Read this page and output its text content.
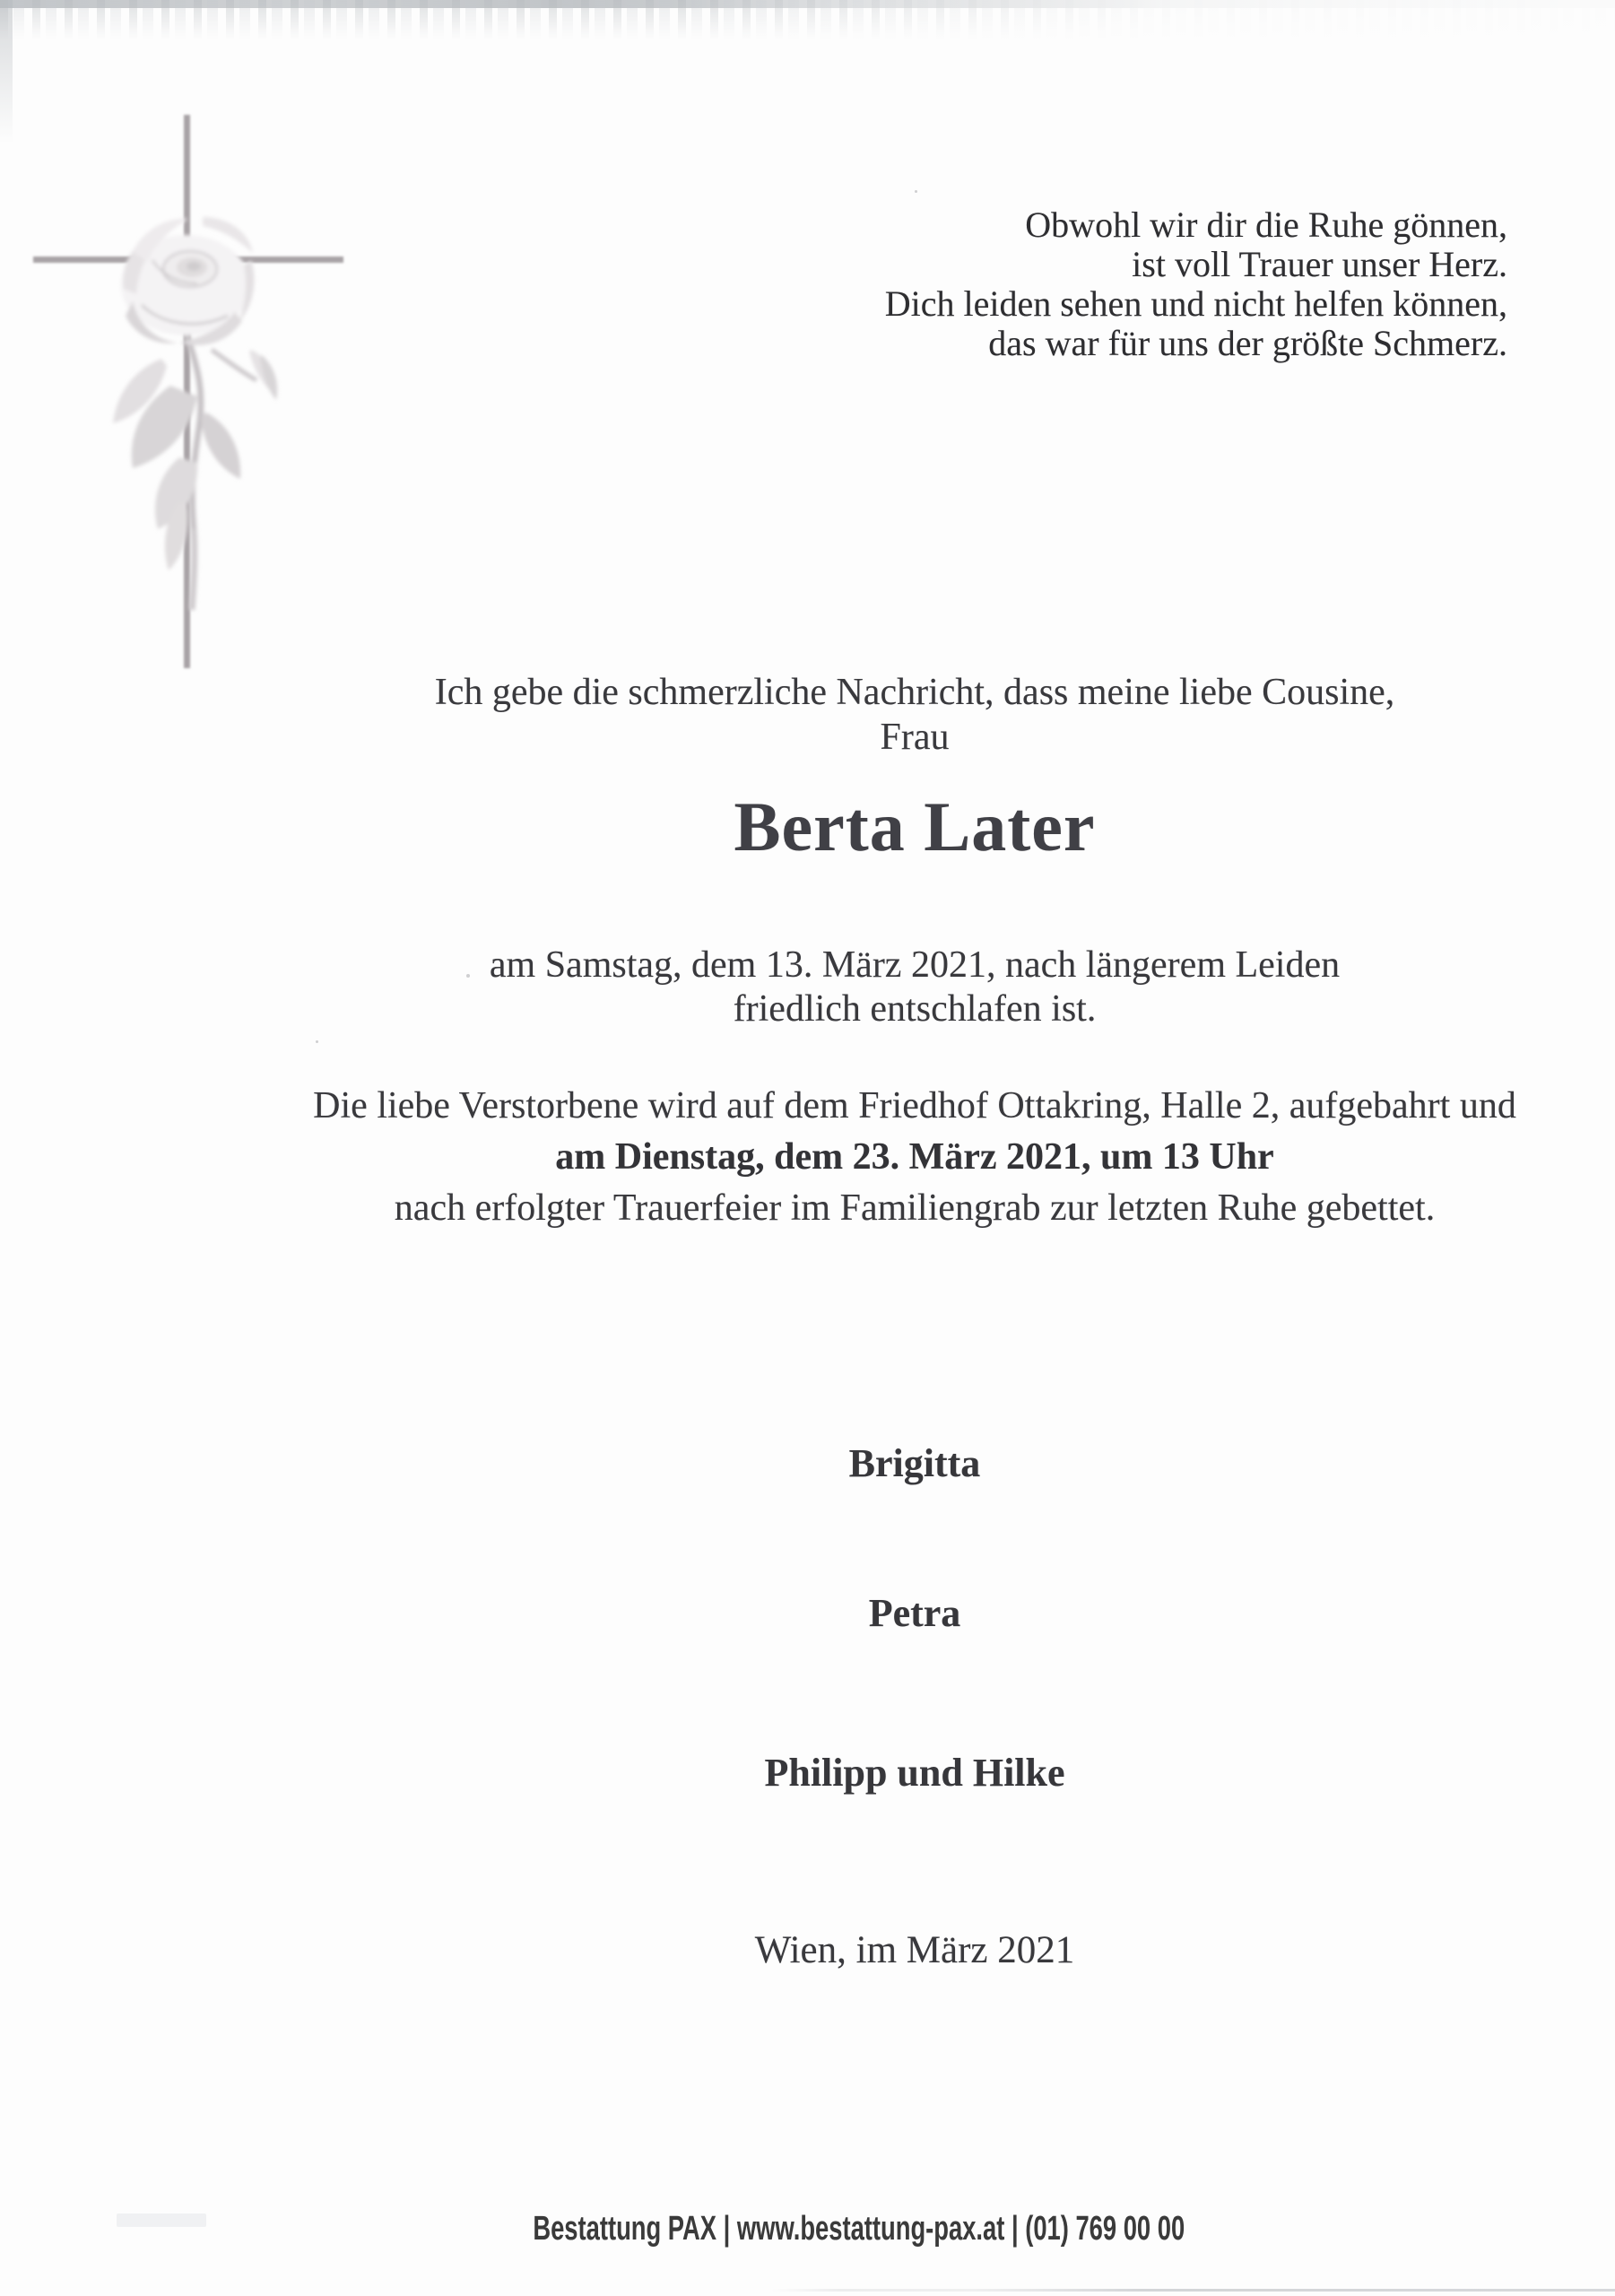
Obwohl wir dir die Ruhe gönnen,
ist voll Trauer unser Herz.
Dich leiden sehen und nicht helfen können,
das war für uns der größte Schmerz.
Ich gebe die schmerzliche Nachricht, dass meine liebe Cousine,
Frau
Berta Later
am Samstag, dem 13. März 2021, nach längerem Leiden
friedlich entschlafen ist.
Die liebe Verstorbene wird auf dem Friedhof Ottakring, Halle 2, aufgebahrt und
am Dienstag, dem 23. März 2021, um 13 Uhr
nach erfolgter Trauerfeier im Familiengrab zur letzten Ruhe gebettet.
Brigitta
Petra
Philipp und Hilke
Wien, im März 2021
Bestattung PAX | www.bestattung-pax.at | (01) 769 00 00
